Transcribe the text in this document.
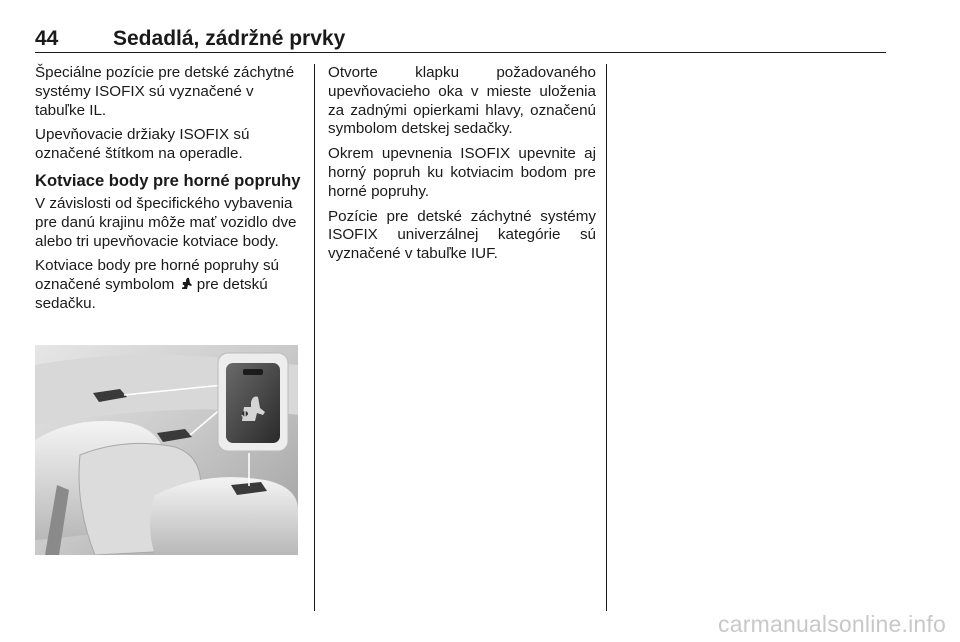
44	Sedadlá, zádržné prvky

Špeciálne pozície pre detské záchytné systémy ISOFIX sú vyznačené v tabuľke IL.

Upevňovacie držiaky ISOFIX sú označené štítkom na operadle.

Kotviace body pre horné popruhy

V závislosti od špecifického vybavenia pre danú krajinu môže mať vozidlo dve alebo tri upevňovacie kotviace body.

Kotviace body pre horné popruhy sú označené symbolom pre detskú sedačku.

Otvorte klapku požadovaného upevňovacieho oka v mieste uloženia za zadnými opierkami hlavy, označenú symbolom detskej sedačky.

Okrem upevnenia ISOFIX upevnite aj horný popruh ku kotviacim bodom pre horné popruhy.

Pozície pre detské záchytné systémy ISOFIX univerzálnej kategórie sú vyznačené v tabuľke IUF.

carmanualsonline.info
